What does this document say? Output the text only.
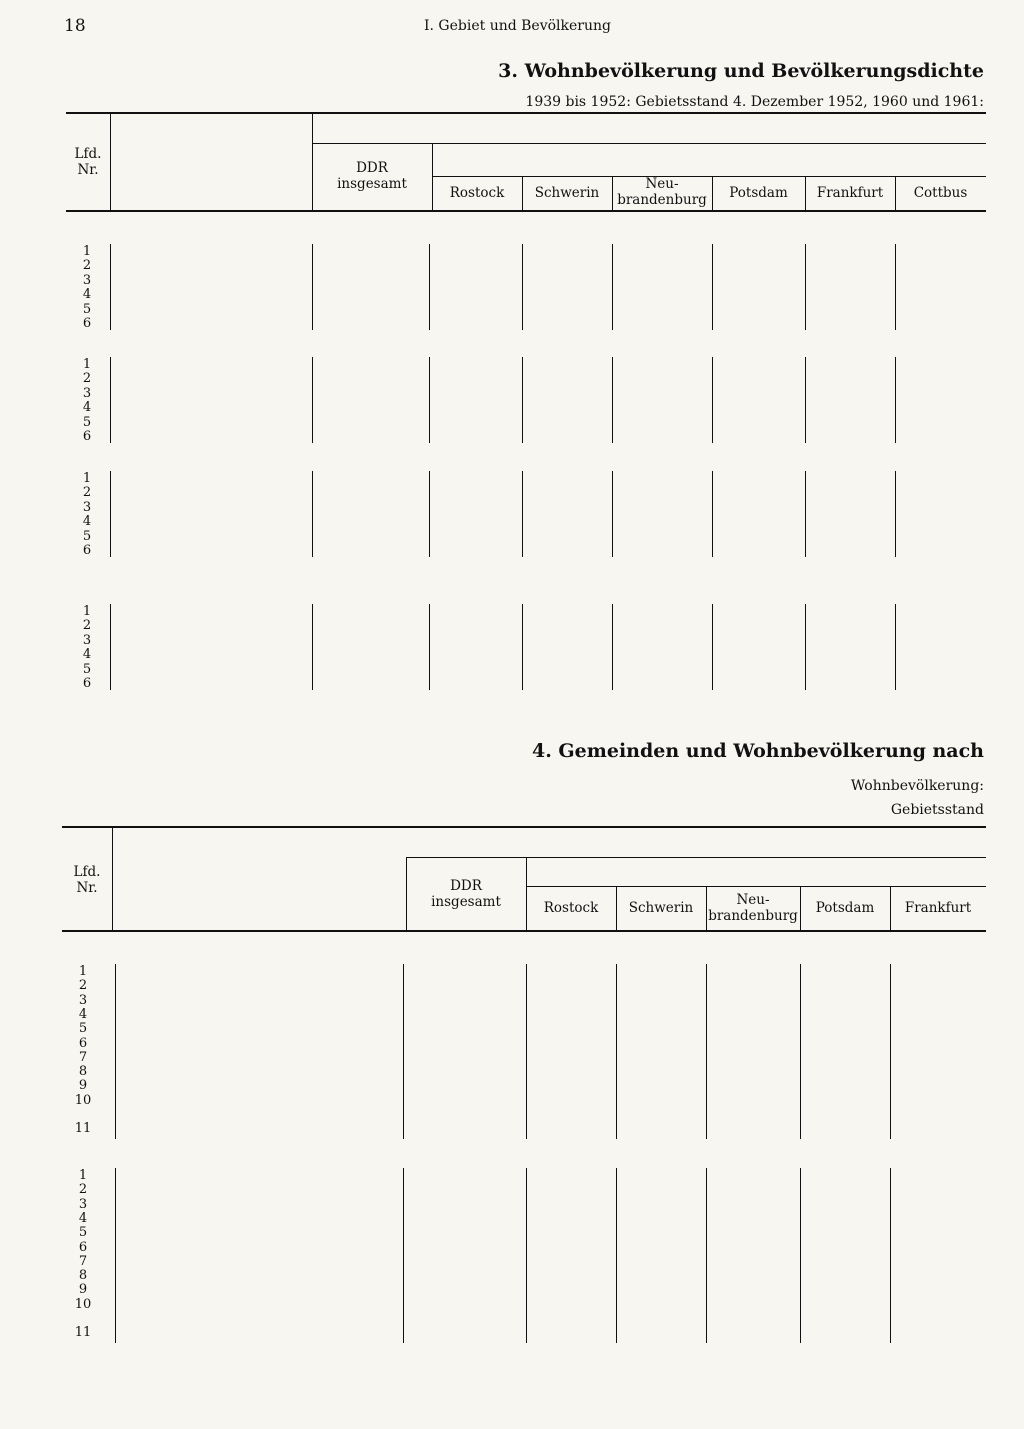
18	I. Gebiet und Bevölkerung
3. Wohnbevölkerung und Bevölkerungsdichte
1939 bis 1952: Gebietsstand 4. Dezember 1952, 1960 und 1961:
Lfd.
Nr.	DDR
insgesamt
Rostock	Schwerin
Neu-
brandenburg	Potsdam	Frankfurt	Cottbus
1
2
3
4
5
6
1
2
3
4
5
6
1
2
3
4
5
6
1
2
3
4
5
6
4. Gemeinden und Wohnbevölkerung nach
Wohnbevölkerung:
Gebietsstand
Lfd.
Nr.	DDR
insgesamt	Rostock	Schwerin	Neu-
brandenburg	Potsdam	Frankfurt
1
2
3
4
5
6
7
8
9
10
11
1
2
3
4
5
6
7
8
9
10
11
